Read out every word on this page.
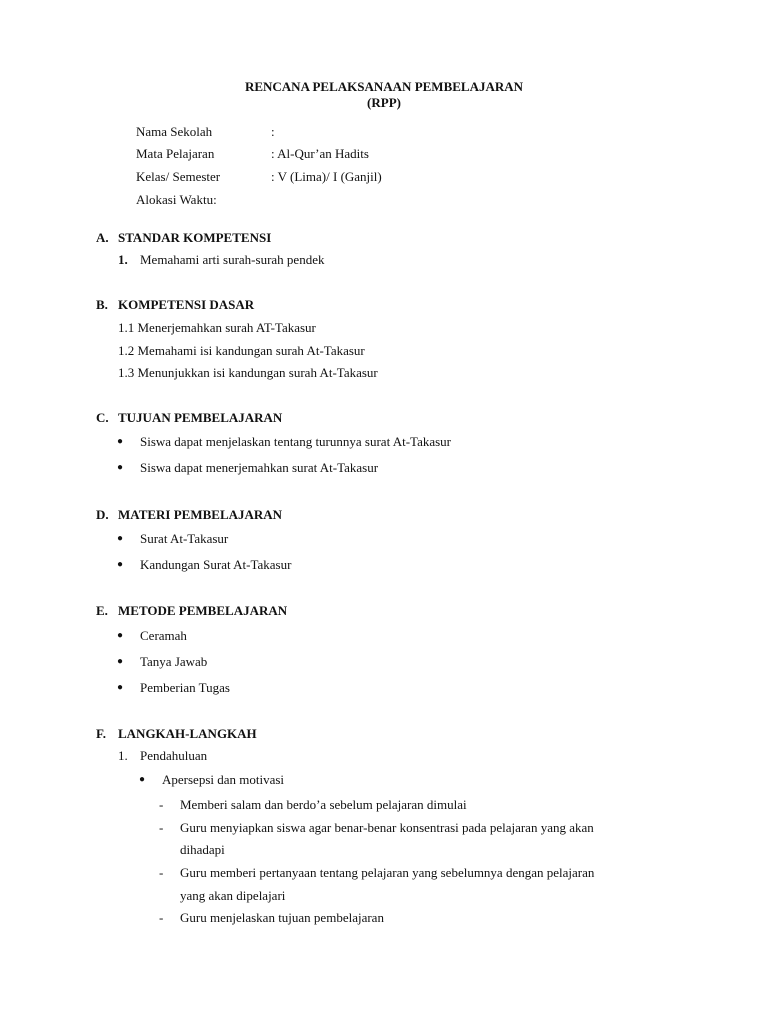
RENCANA PELAKSANAAN PEMBELAJARAN
(RPP)
Nama Sekolah	:
Mata Pelajaran	: Al-Qur’an Hadits
Kelas/ Semester	: V (Lima)/ I (Ganjil)
Alokasi Waktu:
A. STANDAR KOMPETENSI
1. Memahami arti surah-surah pendek
B. KOMPETENSI DASAR
1.1 Menerjemahkan surah AT-Takasur
1.2 Memahami isi kandungan surah At-Takasur
1.3 Menunjukkan isi kandungan surah At-Takasur
C. TUJUAN PEMBELAJARAN
● Siswa dapat menjelaskan tentang turunnya surat At-Takasur
● Siswa dapat menerjemahkan surat At-Takasur
D. MATERI PEMBELAJARAN
● Surat At-Takasur
● Kandungan Surat At-Takasur
E. METODE PEMBELAJARAN
● Ceramah
● Tanya Jawab
● Pemberian Tugas
F. LANGKAH-LANGKAH
1. Pendahuluan
● Apersepsi dan motivasi
- Memberi salam dan berdo’a sebelum pelajaran dimulai
- Guru menyiapkan siswa agar benar-benar konsentrasi pada pelajaran yang akan
dihadapi
- Guru memberi pertanyaan tentang pelajaran yang sebelumnya dengan pelajaran
yang akan dipelajari
- Guru menjelaskan tujuan pembelajaran
